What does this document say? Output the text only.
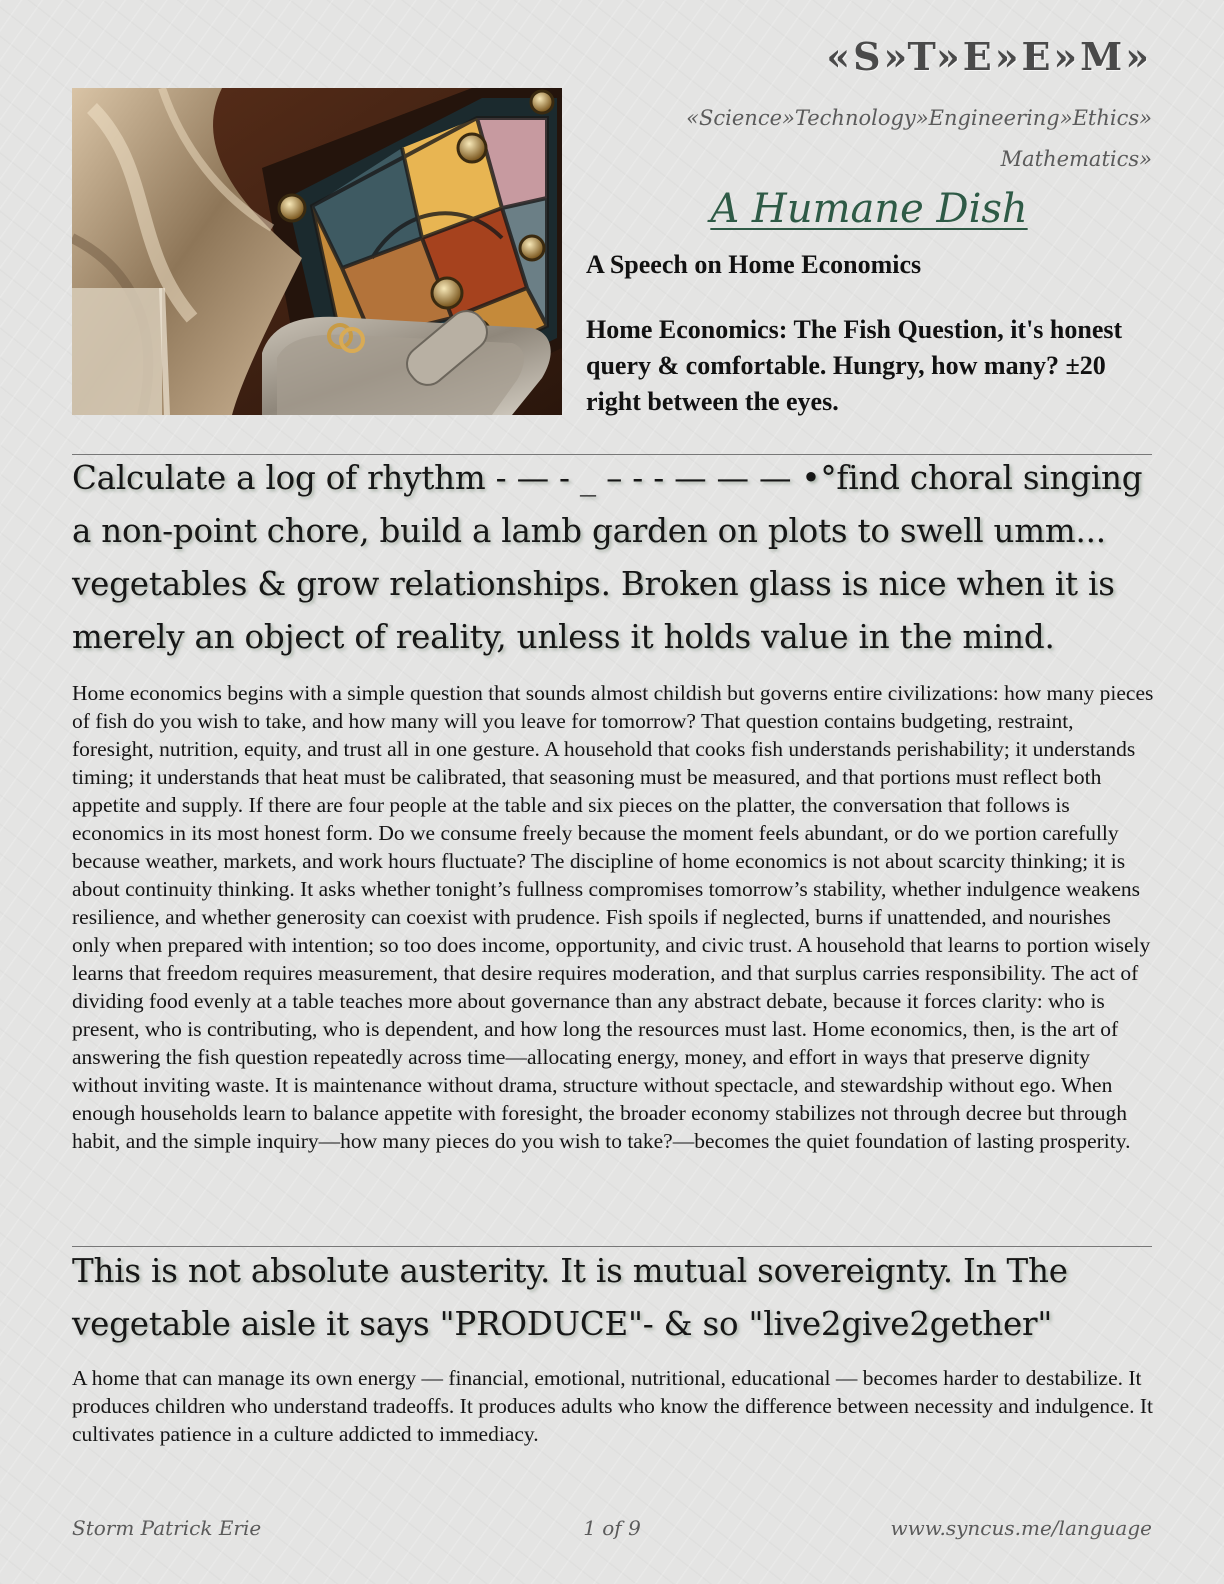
«S»T»E»E»M»
«Science»Technology»Engineering»Ethics»
Mathematics»
A Humane Dish
A Speech on Home Economics
Home Economics: The Fish Question, it's honest query & comfortable. Hungry, how many? ±20 right between the eyes.
Calculate a log of rhythm - — - _ – - - — — — •°find choral singing a non-point chore, build a lamb garden on plots to swell umm... vegetables & grow relationships. Broken glass is nice when it is merely an object of reality, unless it holds value in the mind.
Home economics begins with a simple question that sounds almost childish but governs entire civilizations: how many pieces of fish do you wish to take, and how many will you leave for tomorrow? That question contains budgeting, restraint, foresight, nutrition, equity, and trust all in one gesture. A household that cooks fish understands perishability; it understands timing; it understands that heat must be calibrated, that seasoning must be measured, and that portions must reflect both appetite and supply. If there are four people at the table and six pieces on the platter, the conversation that follows is economics in its most honest form. Do we consume freely because the moment feels abundant, or do we portion carefully because weather, markets, and work hours fluctuate? The discipline of home economics is not about scarcity thinking; it is about continuity thinking. It asks whether tonight’s fullness compromises tomorrow’s stability, whether indulgence weakens resilience, and whether generosity can coexist with prudence. Fish spoils if neglected, burns if unattended, and nourishes only when prepared with intention; so too does income, opportunity, and civic trust. A household that learns to portion wisely learns that freedom requires measurement, that desire requires moderation, and that surplus carries responsibility. The act of dividing food evenly at a table teaches more about governance than any abstract debate, because it forces clarity: who is present, who is contributing, who is dependent, and how long the resources must last. Home economics, then, is the art of answering the fish question repeatedly across time—allocating energy, money, and effort in ways that preserve dignity without inviting waste. It is maintenance without drama, structure without spectacle, and stewardship without ego. When enough households learn to balance appetite with foresight, the broader economy stabilizes not through decree but through habit, and the simple inquiry—how many pieces do you wish to take?—becomes the quiet foundation of lasting prosperity.
This is not absolute austerity. It is mutual sovereignty. In The vegetable aisle it says "PRODUCE"- & so "live2give2gether"
A home that can manage its own energy — financial, emotional, nutritional, educational — becomes harder to destabilize. It produces children who understand tradeoffs. It produces adults who know the difference between necessity and indulgence. It cultivates patience in a culture addicted to immediacy.
Storm Patrick Erie	1 of 9	www.syncus.me/language
